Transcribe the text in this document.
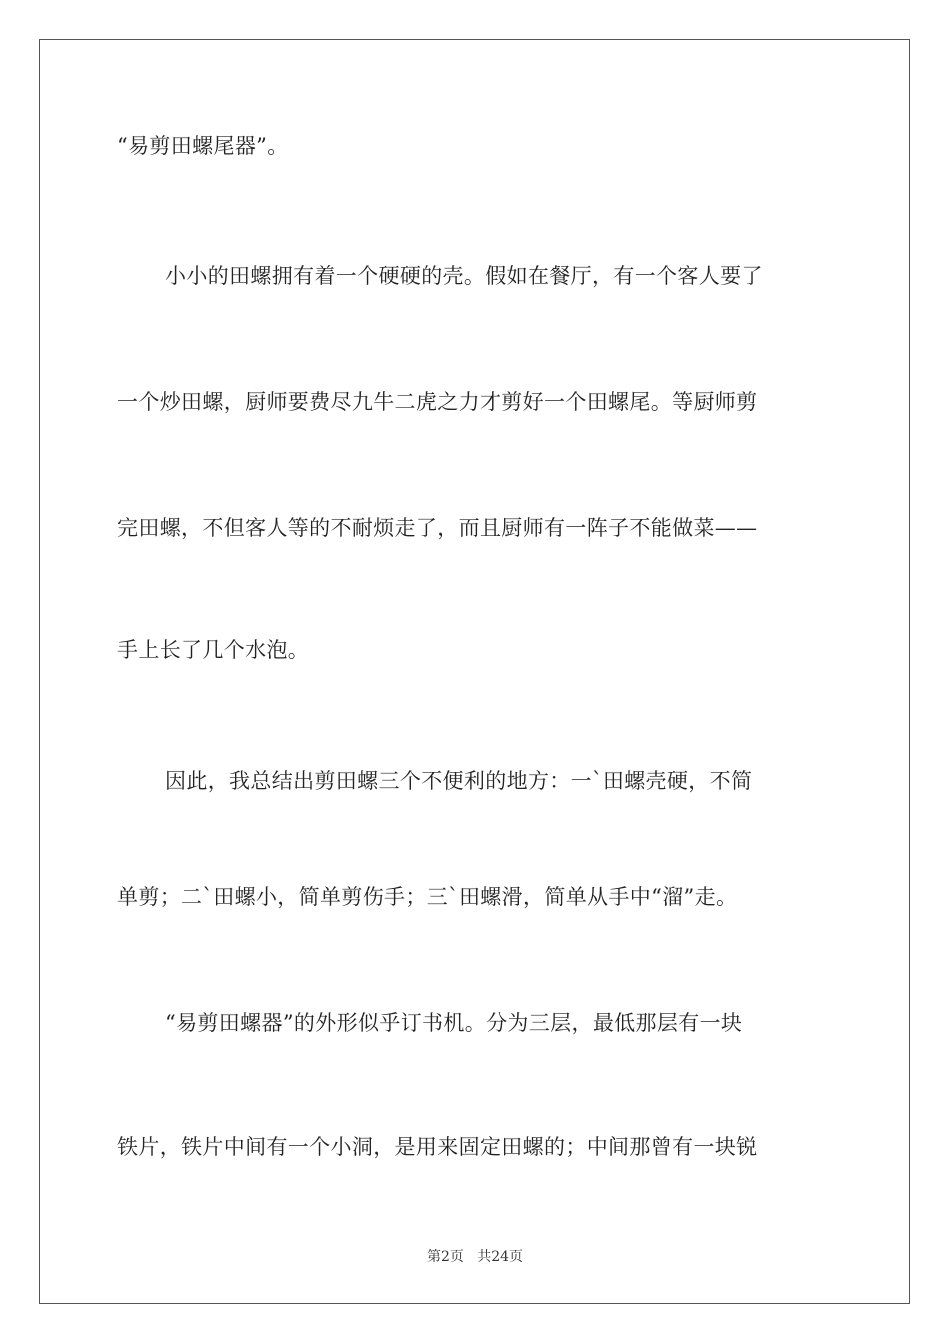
“易剪田螺尾器”。
小小的田螺拥有着一个硬硬的壳。假如在餐厅，有一个客人要了
一个炒田螺，厨师要费尽九牛二虎之力才剪好一个田螺尾。等厨师剪
完田螺，不但客人等的不耐烦走了，而且厨师有一阵子不能做菜——
手上长了几个水泡。
因此，我总结出剪田螺三个不便利的地方：一`田螺壳硬，不简
单剪；二`田螺小，简单剪伤手；三`田螺滑，简单从手中“溜”走。
“易剪田螺器”的外形似乎订书机。分为三层，最低那层有一块
铁片，铁片中间有一个小洞，是用来固定田螺的；中间那曾有一块锐
第2页   共24页
